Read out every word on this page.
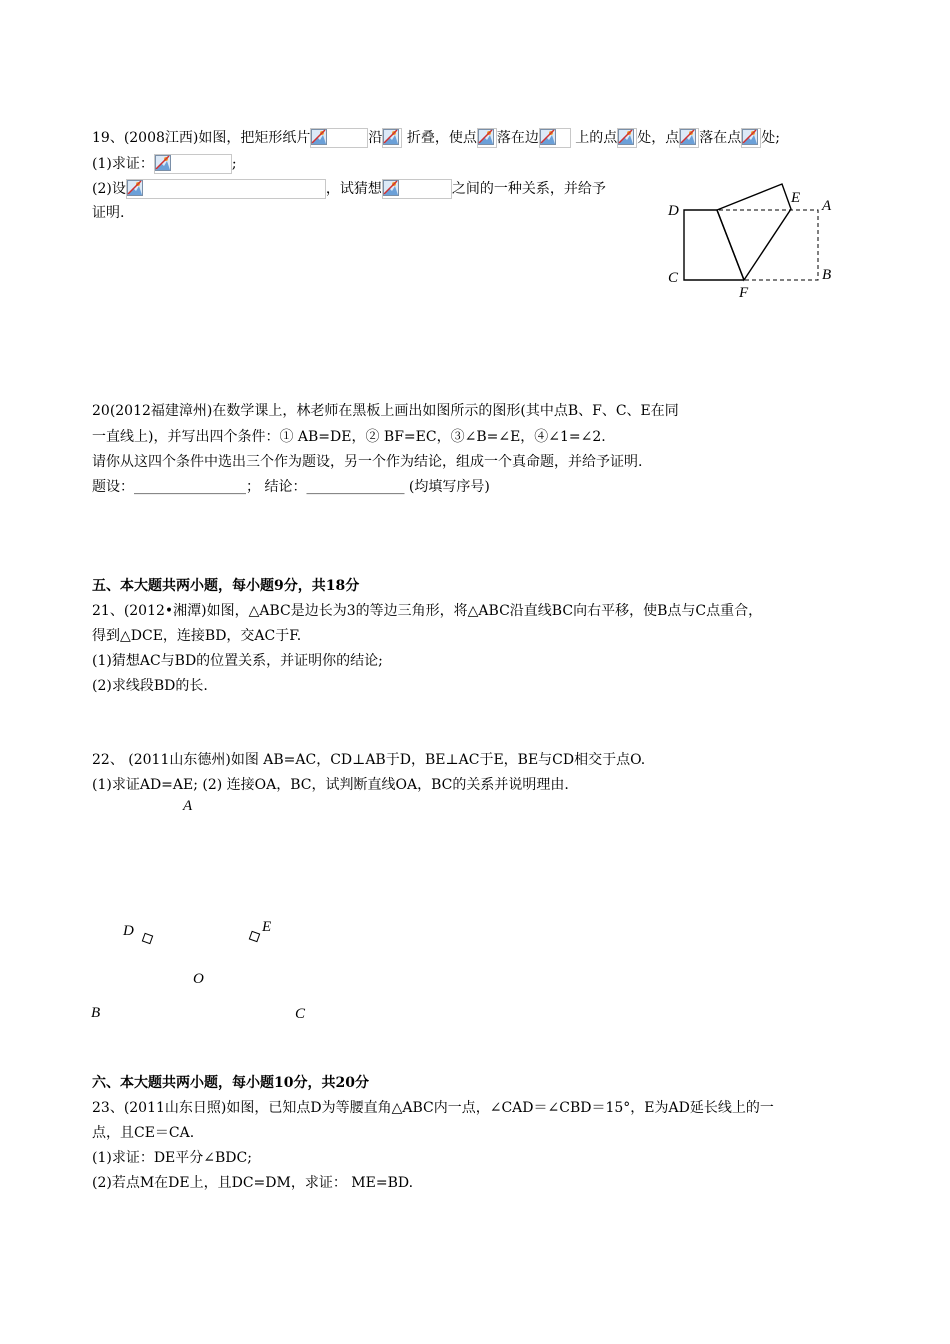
19、(2008江西)如图，把矩形纸片	沿
折叠，使点 落在边
上的点 处，点 落在点 处;
(1)求证：	;
(2)设	，试猜想	之间的一种关系，并给予
证明.	D
E A
C	B
F
20(2012福建漳州)在数学课上，林老师在黑板上画出如图所示的图形(其中点B、F、C、E在同
一直线上)，并写出四个条件：① AB=DE，② BF=EC，③∠B=∠E，④∠1=∠2.
请你从这四个条件中选出三个作为题设，另一个作为结论，组成一个真命题，并给予证明.
题设：________________； 结论：______________ (均填写序号)
五、本大题共两小题，每小题9分，共18分
21、(2012•湘潭)如图，△ABC是边长为3的等边三角形，将△ABC沿直线BC向右平移，使B点与C点重合，
得到△DCE，连接BD，交AC于F.
(1)猜想AC与BD的位置关系，并证明你的结论;
(2)求线段BD的长.
22、 (2011山东德州)如图 AB=AC，CD⊥AB于D，BE⊥AC于E，BE与CD相交于点O.
(1)求证AD=AE; (2) 连接OA，BC，试判断直线OA，BC的关系并说明理由.
A
D	E
O
B	C
六、本大题共两小题，每小题10分，共20分
23、(2011山东日照)如图，已知点D为等腰直角△ABC内一点，∠CAD＝∠CBD＝15°，E为AD延长线上的一
点，且CE＝CA.
(1)求证：DE平分∠BDC;
(2)若点M在DE上，且DC=DM，求证： ME=BD.
